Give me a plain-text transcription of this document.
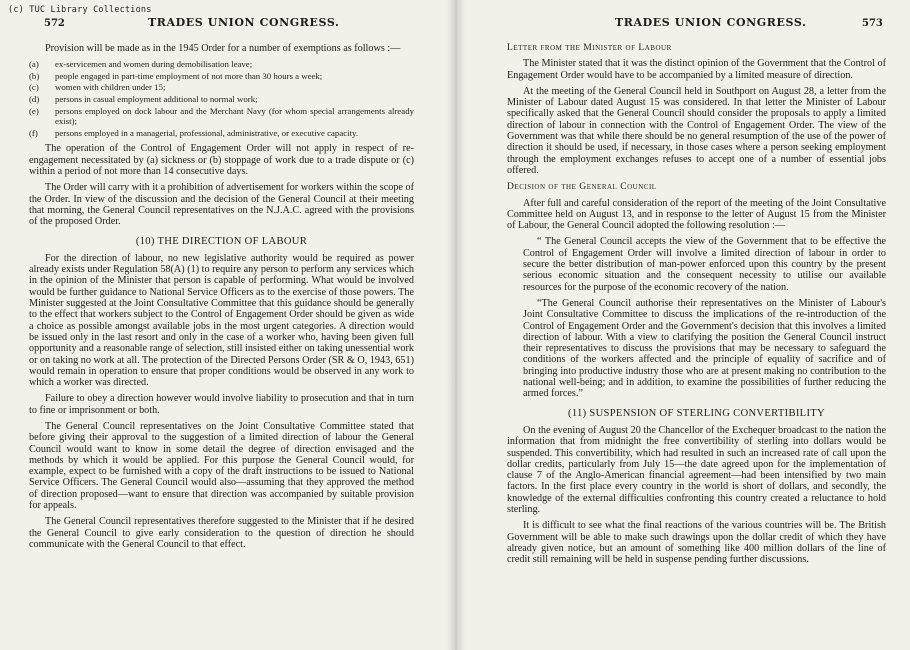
(c) TUC Library Collections
572	TRADES UNION CONGRESS.

Provision will be made as in the 1945 Order for a number of exemptions as follows :—

(a) ex-servicemen and women during demobilisation leave;
(b) people engaged in part-time employment of not more than 30 hours a week;
(c) women with children under 15;
(d) persons in casual employment additional to normal work;
(e) persons employed on dock labour and the Merchant Navy (for whom special arrangements already exist);
(f) persons employed in a managerial, professional, administrative, or executive capacity.

The operation of the Control of Engagement Order will not apply in respect of re-engagement necessitated by (a) sickness or (b) stoppage of work due to a trade dispute or (c) within a period of not more than 14 consecutive days.

The Order will carry with it a prohibition of advertisement for workers within the scope of the Order. In view of the discussion and the decision of the General Council at their meeting that morning, the General Council representatives on the N.J.A.C. agreed with the provisions of the proposed Order.

(10) THE DIRECTION OF LABOUR

For the direction of labour, no new legislative authority would be required as power already exists under Regulation 58(A) (1) to require any person to perform any services which in the opinion of the Minister that person is capable of performing. What would be involved would be further guidance to National Service Officers as to the exercise of those powers. The Minister suggested at the Joint Consultative Committee that this guidance should be generally to the effect that workers subject to the Control of Engagement Order should be given as wide a choice as possible amongst available jobs in the most urgent categories. A direction would be issued only in the last resort and only in the case of a worker who, having been given full opportunity and a reasonable range of selection, still insisted either on taking unessential work or on taking no work at all. The protection of the Directed Persons Order (SR & O, 1943, 651) would remain in operation to ensure that proper conditions would be observed in any work to which a worker was directed.

Failure to obey a direction however would involve liability to prosecution and that in turn to fine or imprisonment or both.

The General Council representatives on the Joint Consultative Committee stated that before giving their approval to the suggestion of a limited direction of labour the General Council would want to know in some detail the degree of direction envisaged and the methods by which it would be applied. For this purpose the General Council would, for example, expect to be furnished with a copy of the draft instructions to be issued to National Service Officers. The General Council would also—assuming that they approved the method of direction proposed—want to ensure that direction was accompanied by suitable provision for appeals.

The General Council representatives therefore suggested to the Minister that if he desired the General Council to give early consideration to the question of direction he should communicate with the General Council to that effect.

TRADES UNION CONGRESS.	573
Letter from the Minister of Labour

The Minister stated that it was the distinct opinion of the Government that the Control of Engagement Order would have to be accompanied by a limited measure of direction.

At the meeting of the General Council held in Southport on August 28, a letter from the Minister of Labour dated August 15 was considered. In that letter the Minister of Labour specifically asked that the General Council should consider the proposals to apply a limited direction of labour in connection with the Control of Engagement Order. The view of the Government was that while there should be no general resumption of the use of the power of direction it should be used, if necessary, in those cases where a person seeking employment through the employment exchanges refuses to accept one of a number of essential jobs offered.

Decision of the General Council

After full and careful consideration of the report of the meeting of the Joint Consultative Committee held on August 13, and in response to the letter of August 15 from the Minister of Labour, the General Council adopted the following resolution :—

“ The General Council accepts the view of the Government that to be effective the Control of Engagement Order will involve a limited direction of labour in order to secure the better distribution of man-power enforced upon this country by the present serious economic situation and the consequent necessity to utilise our available resources for the purpose of the economic recovery of the nation.

“The General Council authorise their representatives on the Minister of Labour's Joint Consultative Committee to discuss the implications of the re-introduction of the Control of Engagement Order and the Government's decision that this involves a limited direction of labour. With a view to clarifying the position the General Council instruct their representatives to discuss the provisions that may be necessary to safeguard the conditions of the workers affected and the principle of equality of sacrifice and of bringing into productive industry those who are at present making no contribution to the national well-being; and in addition, to examine the possibilities of further reducing the armed forces.”

(11) SUSPENSION OF STERLING CONVERTIBILITY

On the evening of August 20 the Chancellor of the Exchequer broadcast to the nation the information that from midnight the free convertibility of sterling into dollars would be suspended. This convertibility, which had resulted in such an increased rate of call upon the dollar credits, particularly from July 15—the date agreed upon for the implementation of clause 7 of the Anglo-American financial agreement—had been intensified by two main factors. In the first place every country in the world is short of dollars, and secondly, the knowledge of the external difficulties confronting this country created a reluctance to hold sterling.

It is difficult to see what the final reactions of the various countries will be. The British Government will be able to make such drawings upon the dollar credit of which they have already given notice, but an amount of something like 400 million dollars of the line of credit still remaining will be held in suspense pending further discussions.
